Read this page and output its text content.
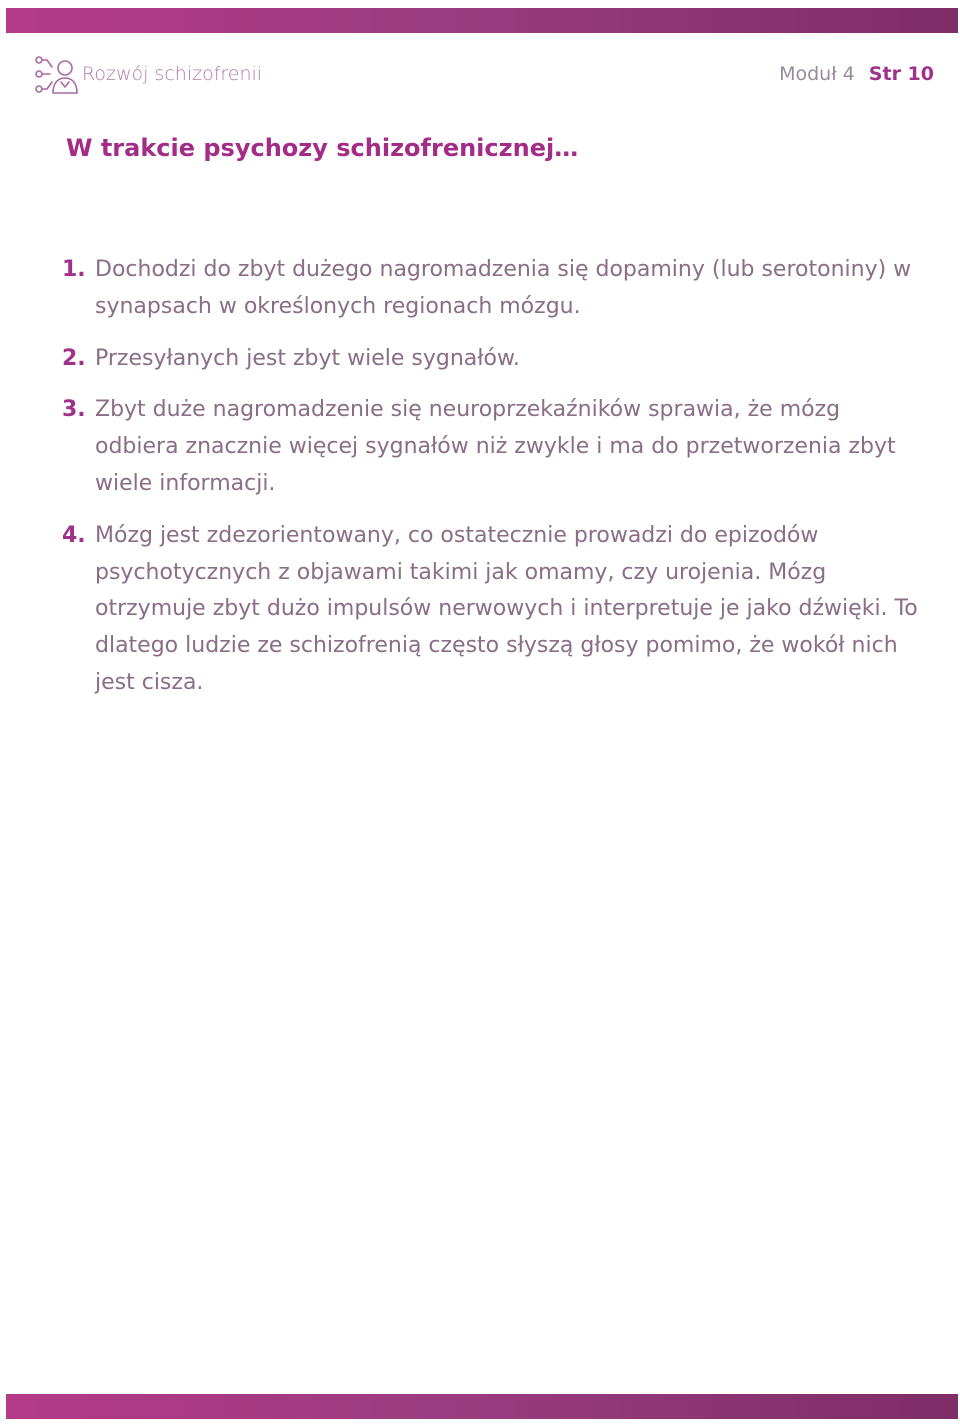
Rozwój schizofrenii	Moduł 4 Str 10
W trakcie psychozy schizofrenicznej…
1. Dochodzi do zbyt dużego nagromadzenia się dopaminy (lub serotoniny) w synapsach w określonych regionach mózgu.
2. Przesyłanych jest zbyt wiele sygnałów.
3. Zbyt duże nagromadzenie się neuroprzekaźników sprawia, że mózg odbiera znacznie więcej sygnałów niż zwykle i ma do przetworzenia zbyt wiele informacji.
4. Mózg jest zdezorientowany, co ostatecznie prowadzi do epizodów psychotycznych z objawami takimi jak omamy, czy urojenia. Mózg otrzymuje zbyt dużo impulsów nerwowych i interpretuje je jako dźwięki. To dlatego ludzie ze schizofrenią często słyszą głosy pomimo, że wokół nich jest cisza.
